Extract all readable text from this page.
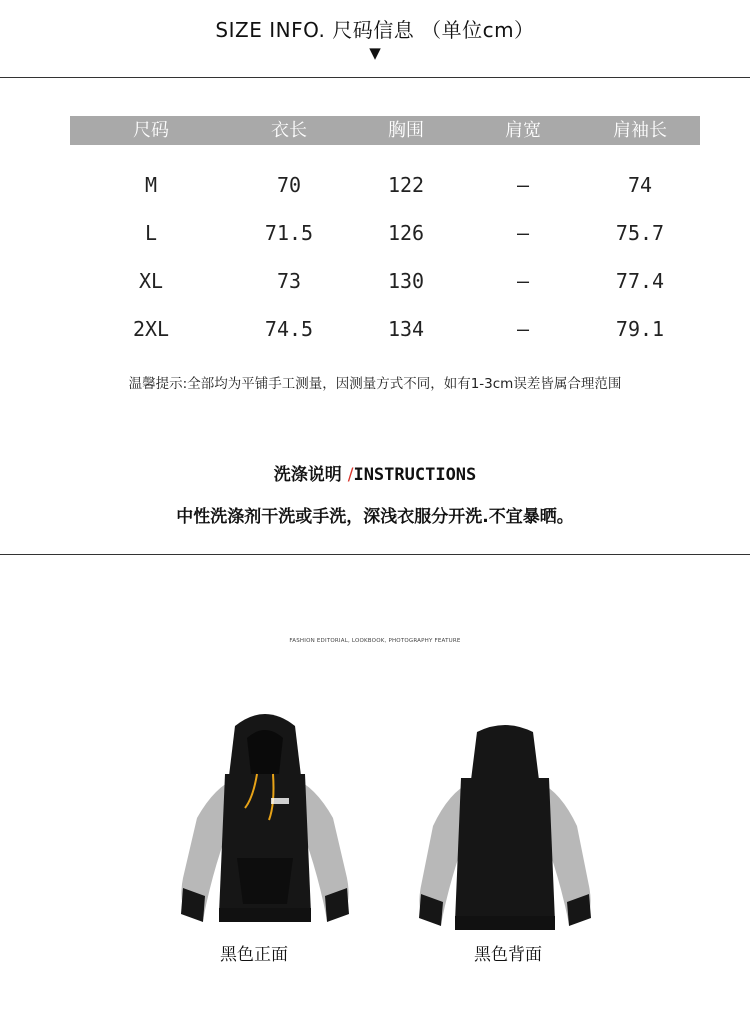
SIZE INFO. 尺码信息 （单位cm）
▼
尺码	衣长	胸围	肩宽	肩袖长
M	70	122	–	74
L	71.5	126	–	75.7
XL	73	130	–	77.4
2XL	74.5	134	–	79.1
温馨提示:全部均为平铺手工测量，因测量方式不同，如有1-3cm误差皆属合理范围
洗涤说明 /INSTRUCTIONS
中性洗涤剂干洗或手洗，深浅衣服分开洗.不宜暴晒。
FASHION EDITORIAL, LOOKBOOK, PHOTOGRAPHY FEATURE
黑色正面	黑色背面
